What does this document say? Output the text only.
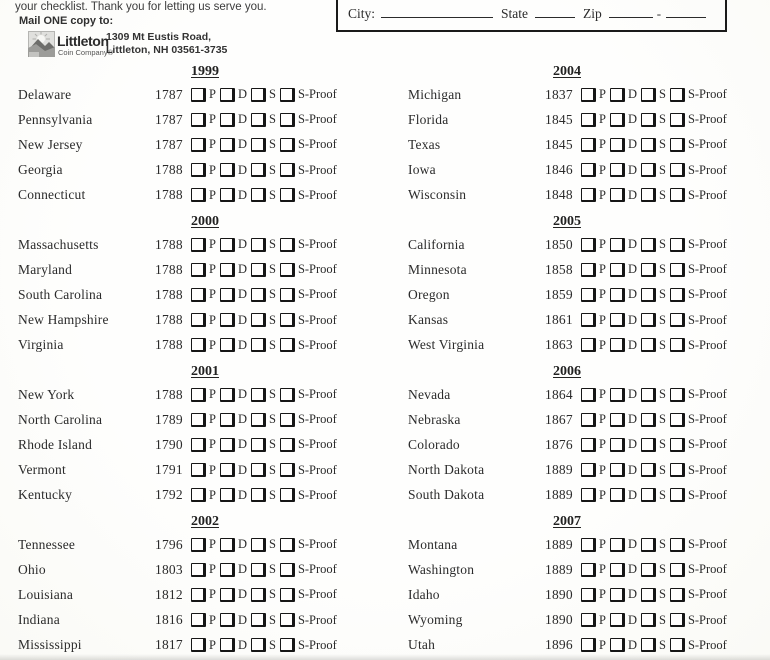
your checklist. Thank you for letting us serve you.
Mail ONE copy to:
Littleton
Coin Company®
1309 Mt Eustis Road,
Littleton, NH 03561-3735
City:	State	Zip	-
1999
Delaware	1787	P D S S-Proof
Pennsylvania	1787	P D S S-Proof
New Jersey	1787	P D S S-Proof
Georgia	1788	P D S S-Proof
Connecticut	1788	P D S S-Proof
2000
Massachusetts	1788	P D S S-Proof
Maryland	1788	P D S S-Proof
South Carolina	1788	P D S S-Proof
New Hampshire	1788	P D S S-Proof
Virginia	1788	P D S S-Proof
2001
New York	1788	P D S S-Proof
North Carolina	1789	P D S S-Proof
Rhode Island	1790	P D S S-Proof
Vermont	1791	P D S S-Proof
Kentucky	1792	P D S S-Proof
2002
Tennessee	1796	P D S S-Proof
Ohio	1803	P D S S-Proof
Louisiana	1812	P D S S-Proof
Indiana	1816	P D S S-Proof
Mississippi	1817	P D S S-Proof
2004
Michigan	1837	P D S S-Proof
Florida	1845	P D S S-Proof
Texas	1845	P D S S-Proof
Iowa	1846	P D S S-Proof
Wisconsin	1848	P D S S-Proof
2005
California	1850	P D S S-Proof
Minnesota	1858	P D S S-Proof
Oregon	1859	P D S S-Proof
Kansas	1861	P D S S-Proof
West Virginia	1863	P D S S-Proof
2006
Nevada	1864	P D S S-Proof
Nebraska	1867	P D S S-Proof
Colorado	1876	P D S S-Proof
North Dakota	1889	P D S S-Proof
South Dakota	1889	P D S S-Proof
2007
Montana	1889	P D S S-Proof
Washington	1889	P D S S-Proof
Idaho	1890	P D S S-Proof
Wyoming	1890	P D S S-Proof
Utah	1896	P D S S-Proof
